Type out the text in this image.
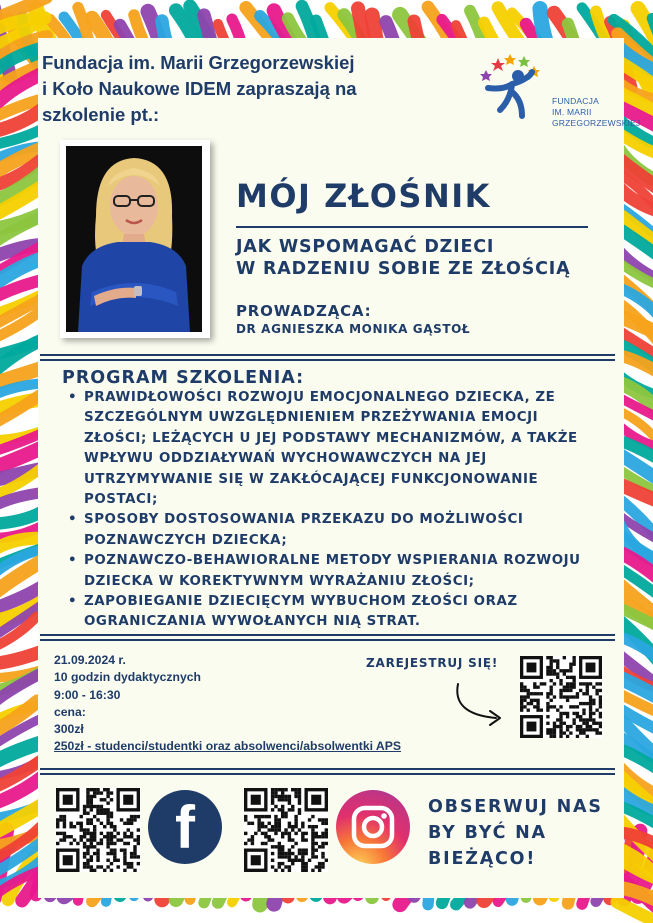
Fundacja im. Marii Grzegorzewskiej
i Koło Naukowe IDEM zapraszają na
szkolenie pt.:
FUNDACJA
IM. MARII
GRZEGORZEWSKIEJ
MÓJ ZŁOŚNIK
JAK WSPOMAGAĆ DZIECI
W RADZENIU SOBIE ZE ZŁOŚCIĄ
PROWADZĄCA:
DR AGNIESZKA MONIKA GĄSTOŁ
PROGRAM SZKOLENIA:
• PRAWIDŁOWOŚCI ROZWOJU EMOCJONALNEGO DZIECKA, ZE SZCZEGÓLNYM UWZGLĘDNIENIEM PRZEŻYWANIA EMOCJI ZŁOŚCI; LEŻĄCYCH U JEJ PODSTAWY MECHANIZMÓW, A TAKŻE WPŁYWU ODDZIAŁYWAŃ WYCHOWAWCZYCH NA JEJ UTRZYMYWANIE SIĘ W ZAKŁÓCAJĄCEJ FUNKCJONOWANIE POSTACI;
• SPOSOBY DOSTOSOWANIA PRZEKAZU DO MOŻLIWOŚCI POZNAWCZYCH DZIECKA;
• POZNAWCZO-BEHAWIORALNE METODY WSPIERANIA ROZWOJU DZIECKA W KOREKTYWNYM WYRAŻANIU ZŁOŚCI;
• ZAPOBIEGANIE DZIECIĘCYM WYBUCHOM ZŁOŚCI ORAZ OGRANICZANIA WYWOŁANYCH NIĄ STRAT.
21.09.2024 r.
10 godzin dydaktycznych
9:00 - 16:30
cena:
300zł
250zł - studenci/studentki oraz absolwenci/absolwentki APS
ZAREJESTRUJ SIĘ!
f	OBSERWUJ NAS
BY BYĆ NA
BIEŻĄCO!
